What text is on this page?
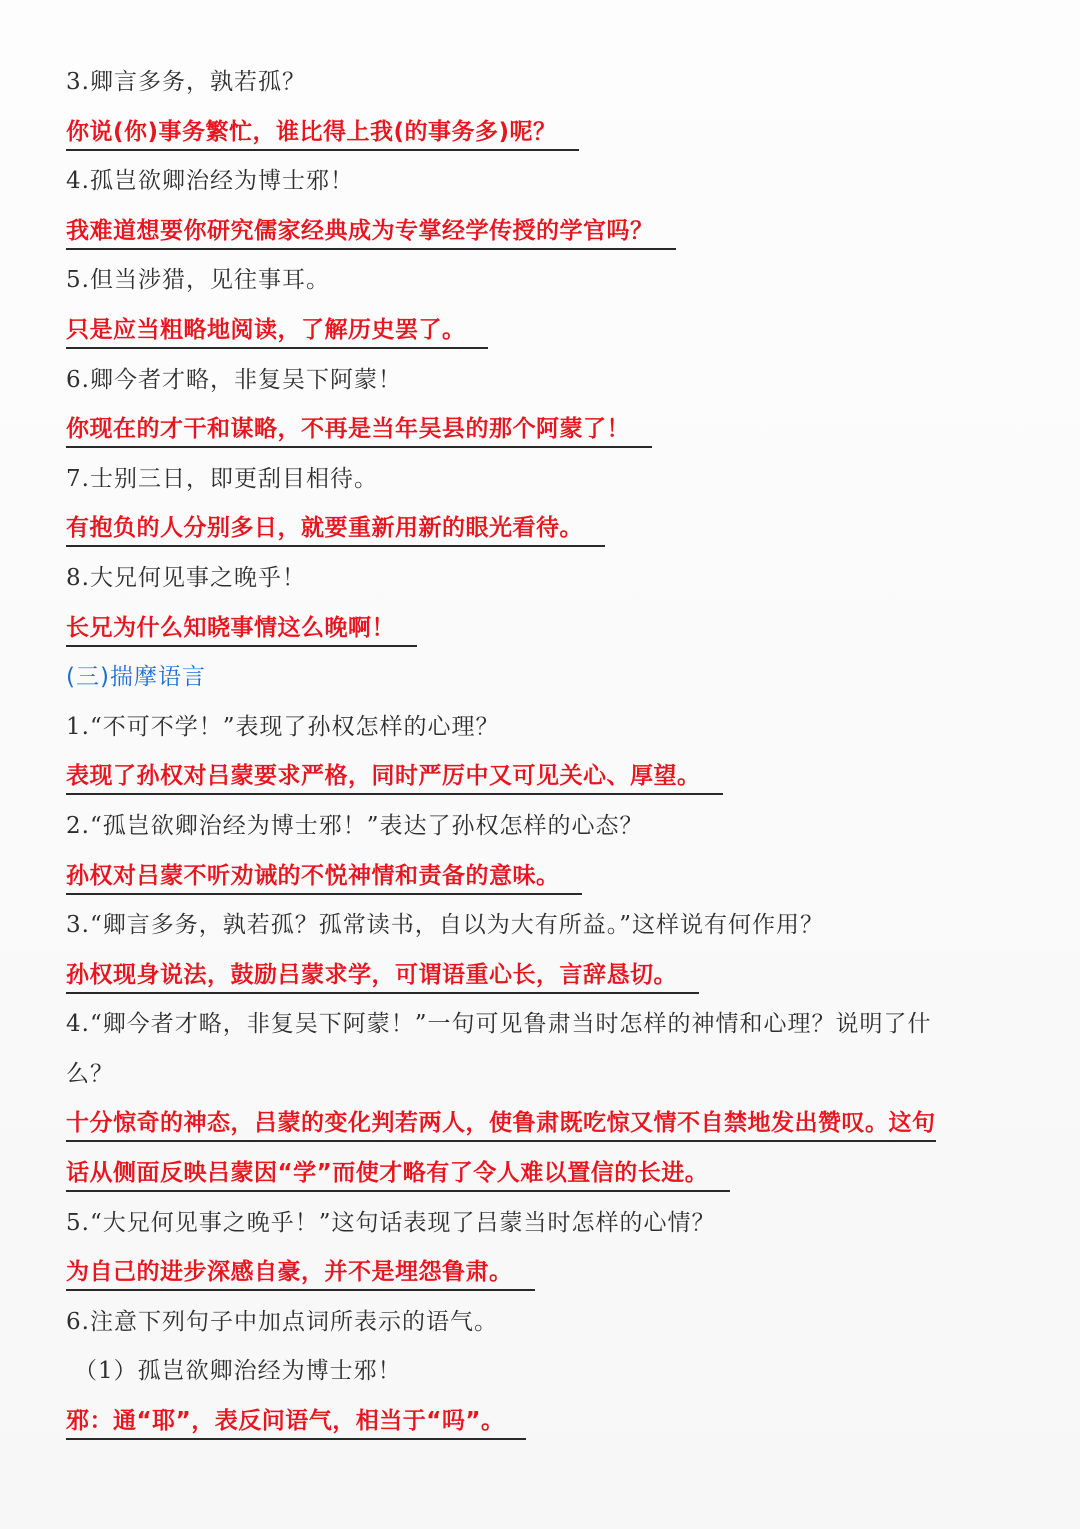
3.卿言多务，孰若孤？
你说(你)事务繁忙，谁比得上我(的事务多)呢？
4.孤岂欲卿治经为博士邪！
我难道想要你研究儒家经典成为专掌经学传授的学官吗？
5.但当涉猎，见往事耳。
只是应当粗略地阅读，了解历史罢了。
6.卿今者才略，非复吴下阿蒙！
你现在的才干和谋略，不再是当年吴县的那个阿蒙了！
7.士别三日，即更刮目相待。
有抱负的人分别多日，就要重新用新的眼光看待。
8.大兄何见事之晚乎！
长兄为什么知晓事情这么晚啊！
(三)揣摩语言
1.“不可不学！”表现了孙权怎样的心理？
表现了孙权对吕蒙要求严格，同时严厉中又可见关心、厚望。
2.“孤岂欲卿治经为博士邪！”表达了孙权怎样的心态？
孙权对吕蒙不听劝诫的不悦神情和责备的意味。
3.“卿言多务，孰若孤？孤常读书，自以为大有所益。”这样说有何作用？
孙权现身说法，鼓励吕蒙求学，可谓语重心长，言辞恳切。
4.“卿今者才略，非复吴下阿蒙！”一句可见鲁肃当时怎样的神情和心理？说明了什
么？
十分惊奇的神态，吕蒙的变化判若两人，使鲁肃既吃惊又情不自禁地发出赞叹。这句
话从侧面反映吕蒙因“学”而使才略有了令人难以置信的长进。
5.“大兄何见事之晚乎！”这句话表现了吕蒙当时怎样的心情？
为自己的进步深感自豪，并不是埋怨鲁肃。
6.注意下列句子中加点词所表示的语气。
（1）孤岂欲卿治经为博士邪！
邪：通“耶”，表反问语气，相当于“吗”。
